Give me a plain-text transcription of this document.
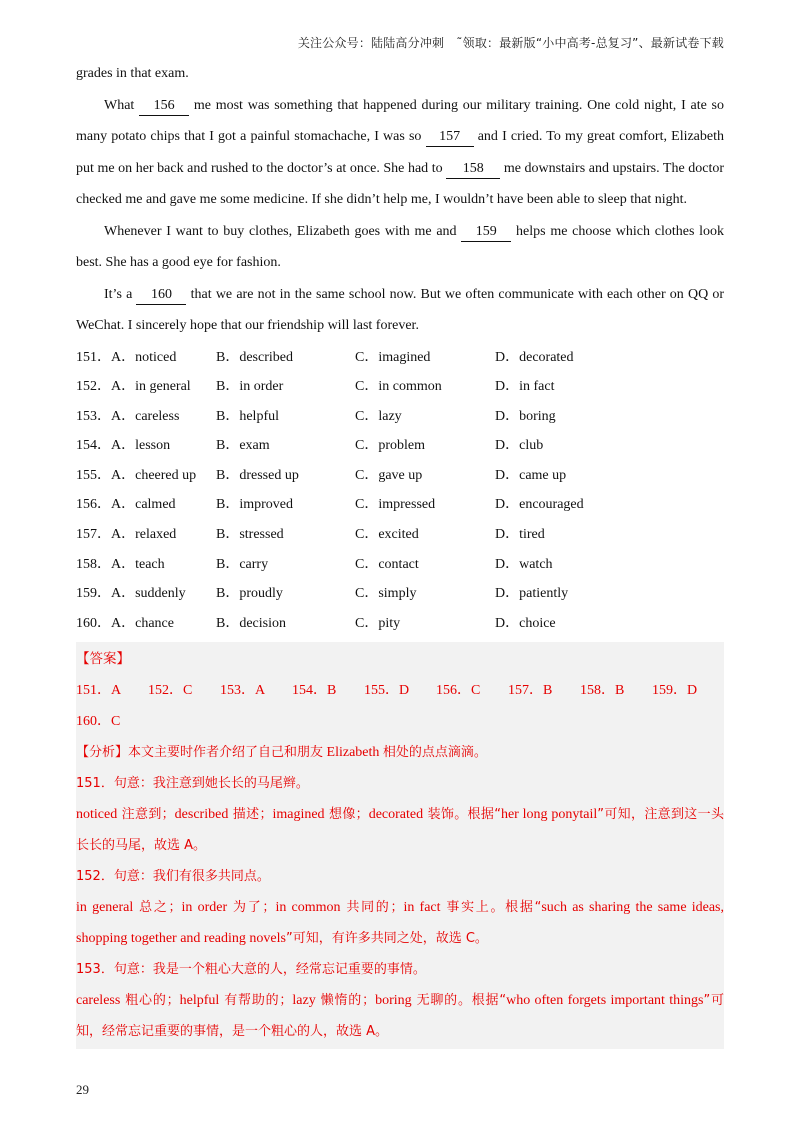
关注公众号：陆陆高分冲刺　˜领取：最新版“小中高考-总复习”、最新试卷下载

grades in that exam.

What 156 me most was something that happened during our military training. One cold night, I ate so many potato chips that I got a painful stomachache, I was so 157 and I cried. To my great comfort, Elizabeth put me on her back and rushed to the doctor’s at once. She had to 158 me downstairs and upstairs. The doctor checked me and gave me some medicine. If she didn’t help me, I wouldn’t have been able to sleep that night.

Whenever I want to buy clothes, Elizabeth goes with me and 159 helps me choose which clothes look best. She has a good eye for fashion.

It’s a 160 that we are not in the same school now. But we often communicate with each other on QQ or WeChat. I sincerely hope that our friendship will last forever.

151．A．noticed	B．described	C．imagined	D．decorated
152．A．in general	B．in order	C．in common	D．in fact
153．A．careless	B．helpful	C．lazy	D．boring
154．A．lesson	B．exam	C．problem	D．club
155．A．cheered up	B．dressed up	C．gave up	D．came up
156．A．calmed	B．improved	C．impressed	D．encouraged
157．A．relaxed	B．stressed	C．excited	D．tired
158．A．teach	B．carry	C．contact	D．watch
159．A．suddenly	B．proudly	C．simply	D．patiently
160．A．chance	B．decision	C．pity	D．choice
【答案】
151．A	152．C	153．A	154．B	155．D	156．C	157．B	158．B	159．D
160．C

【分析】本文主要时作者介绍了自己和朋友 Elizabeth 相处的点点滴滴。

151．句意：我注意到她长长的马尾辫。

noticed 注意到；described 描述；imagined 想像；decorated 装饰。根据“her long ponytail”可知，注意到这一头长长的马尾，故选 A。

152．句意：我们有很多共同点。

in general 总之；in order 为了；in common 共同的；in fact 事实上。根据“such as sharing the same ideas, shopping together and reading novels”可知，有许多共同之处，故选 C。

153．句意：我是一个粗心大意的人，经常忘记重要的事情。

careless 粗心的；helpful 有帮助的；lazy 懒惰的；boring 无聊的。根据“who often forgets important things”可知，经常忘记重要的事情，是一个粗心的人，故选 A。

29
